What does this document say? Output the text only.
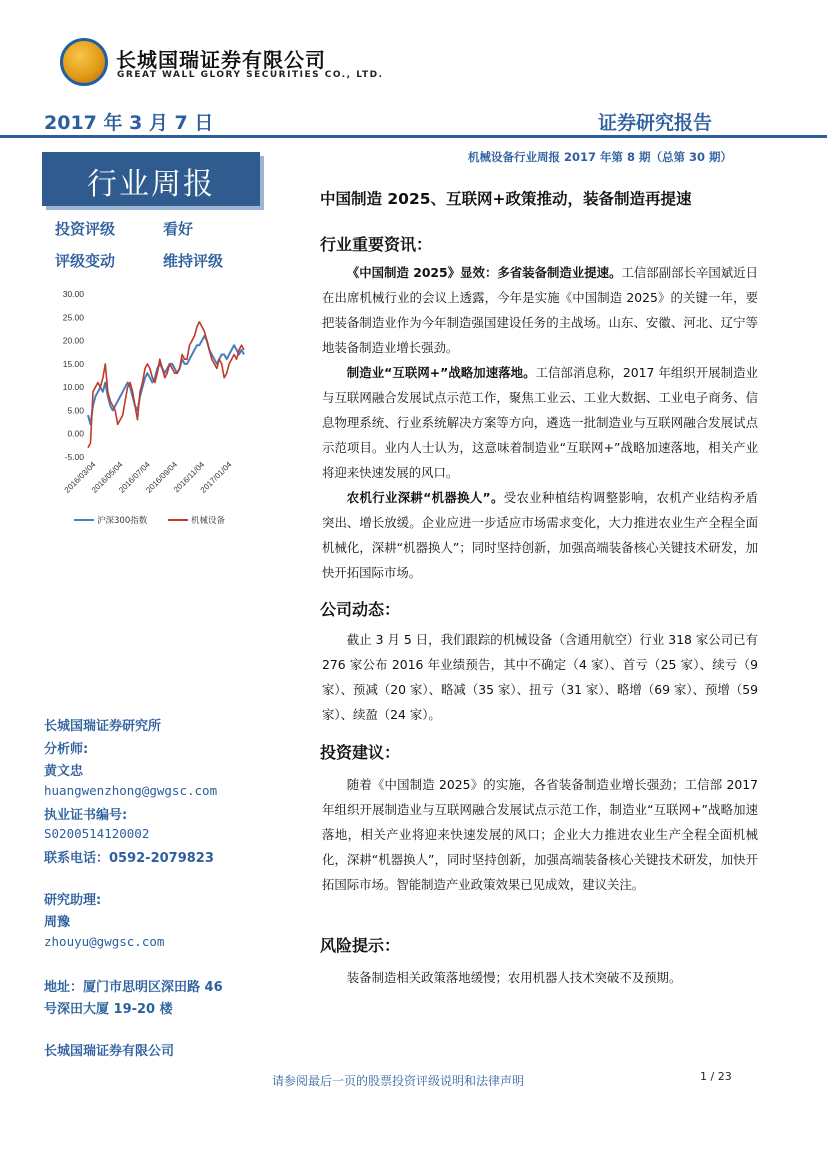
长城国瑞证券有限公司
GREAT WALL GLORY SECURITIES CO., LTD.
2017 年 3 月 7 日	证券研究报告
机械设备行业周报 2017 年第 8 期（总第 30 期）
行业周报
投资评级	看好
评级变动	维持评级
30.00
25.00
20.00
15.00
10.00
5.00
0.00
-5.00
2016/03/04
2016/05/04
2016/07/04
2016/09/04
2016/11/04
2017/01/04
沪深300指数	机械设备
长城国瑞证券研究所
分析师:
黄文忠
huangwenzhong@gwgsc.com
执业证书编号:
S0200514120002
联系电话：0592-2079823
研究助理:
周豫
zhouyu@gwgsc.com
地址：厦门市思明区深田路 46
号深田大厦 19-20 楼
长城国瑞证券有限公司
中国制造 2025、互联网+政策推动，装备制造再提速
行业重要资讯：

《中国制造 2025》显效：多省装备制造业提速。工信部副部长辛国斌近日在出席机械行业的会议上透露，今年是实施《中国制造 2025》的关键一年，要把装备制造业作为今年制造强国建设任务的主战场。山东、安徽、河北、辽宁等地装备制造业增长强劲。

制造业“互联网+”战略加速落地。工信部消息称，2017 年组织开展制造业与互联网融合发展试点示范工作，聚焦工业云、工业大数据、工业电子商务、信息物理系统、行业系统解决方案等方向，遴选一批制造业与互联网融合发展试点示范项目。业内人士认为，这意味着制造业“互联网+”战略加速落地，相关产业将迎来快速发展的风口。

农机行业深耕“机器换人”。受农业种植结构调整影响，农机产业结构矛盾突出、增长放缓。企业应进一步适应市场需求变化，大力推进农业生产全程全面机械化，深耕“机器换人”；同时坚持创新，加强高端装备核心关键技术研发，加快开拓国际市场。

公司动态：

截止 3 月 5 日，我们跟踪的机械设备（含通用航空）行业 318 家公司已有 276 家公布 2016 年业绩预告，其中不确定（4 家）、首亏（25 家）、续亏（9 家）、预减（20 家）、略减（35 家）、扭亏（31 家）、略增（69 家）、预增（59 家）、续盈（24 家）。

投资建议：

随着《中国制造 2025》的实施，各省装备制造业增长强劲；工信部 2017 年组织开展制造业与互联网融合发展试点示范工作，制造业“互联网+”战略加速落地，相关产业将迎来快速发展的风口；企业大力推进农业生产全程全面机械化，深耕“机器换人”，同时坚持创新，加强高端装备核心关键技术研发，加快开拓国际市场。智能制造产业政策效果已见成效，建议关注。

风险提示：

装备制造相关政策落地缓慢；农用机器人技术突破不及预期。

请参阅最后一页的股票投资评级说明和法律声明	1 / 23
